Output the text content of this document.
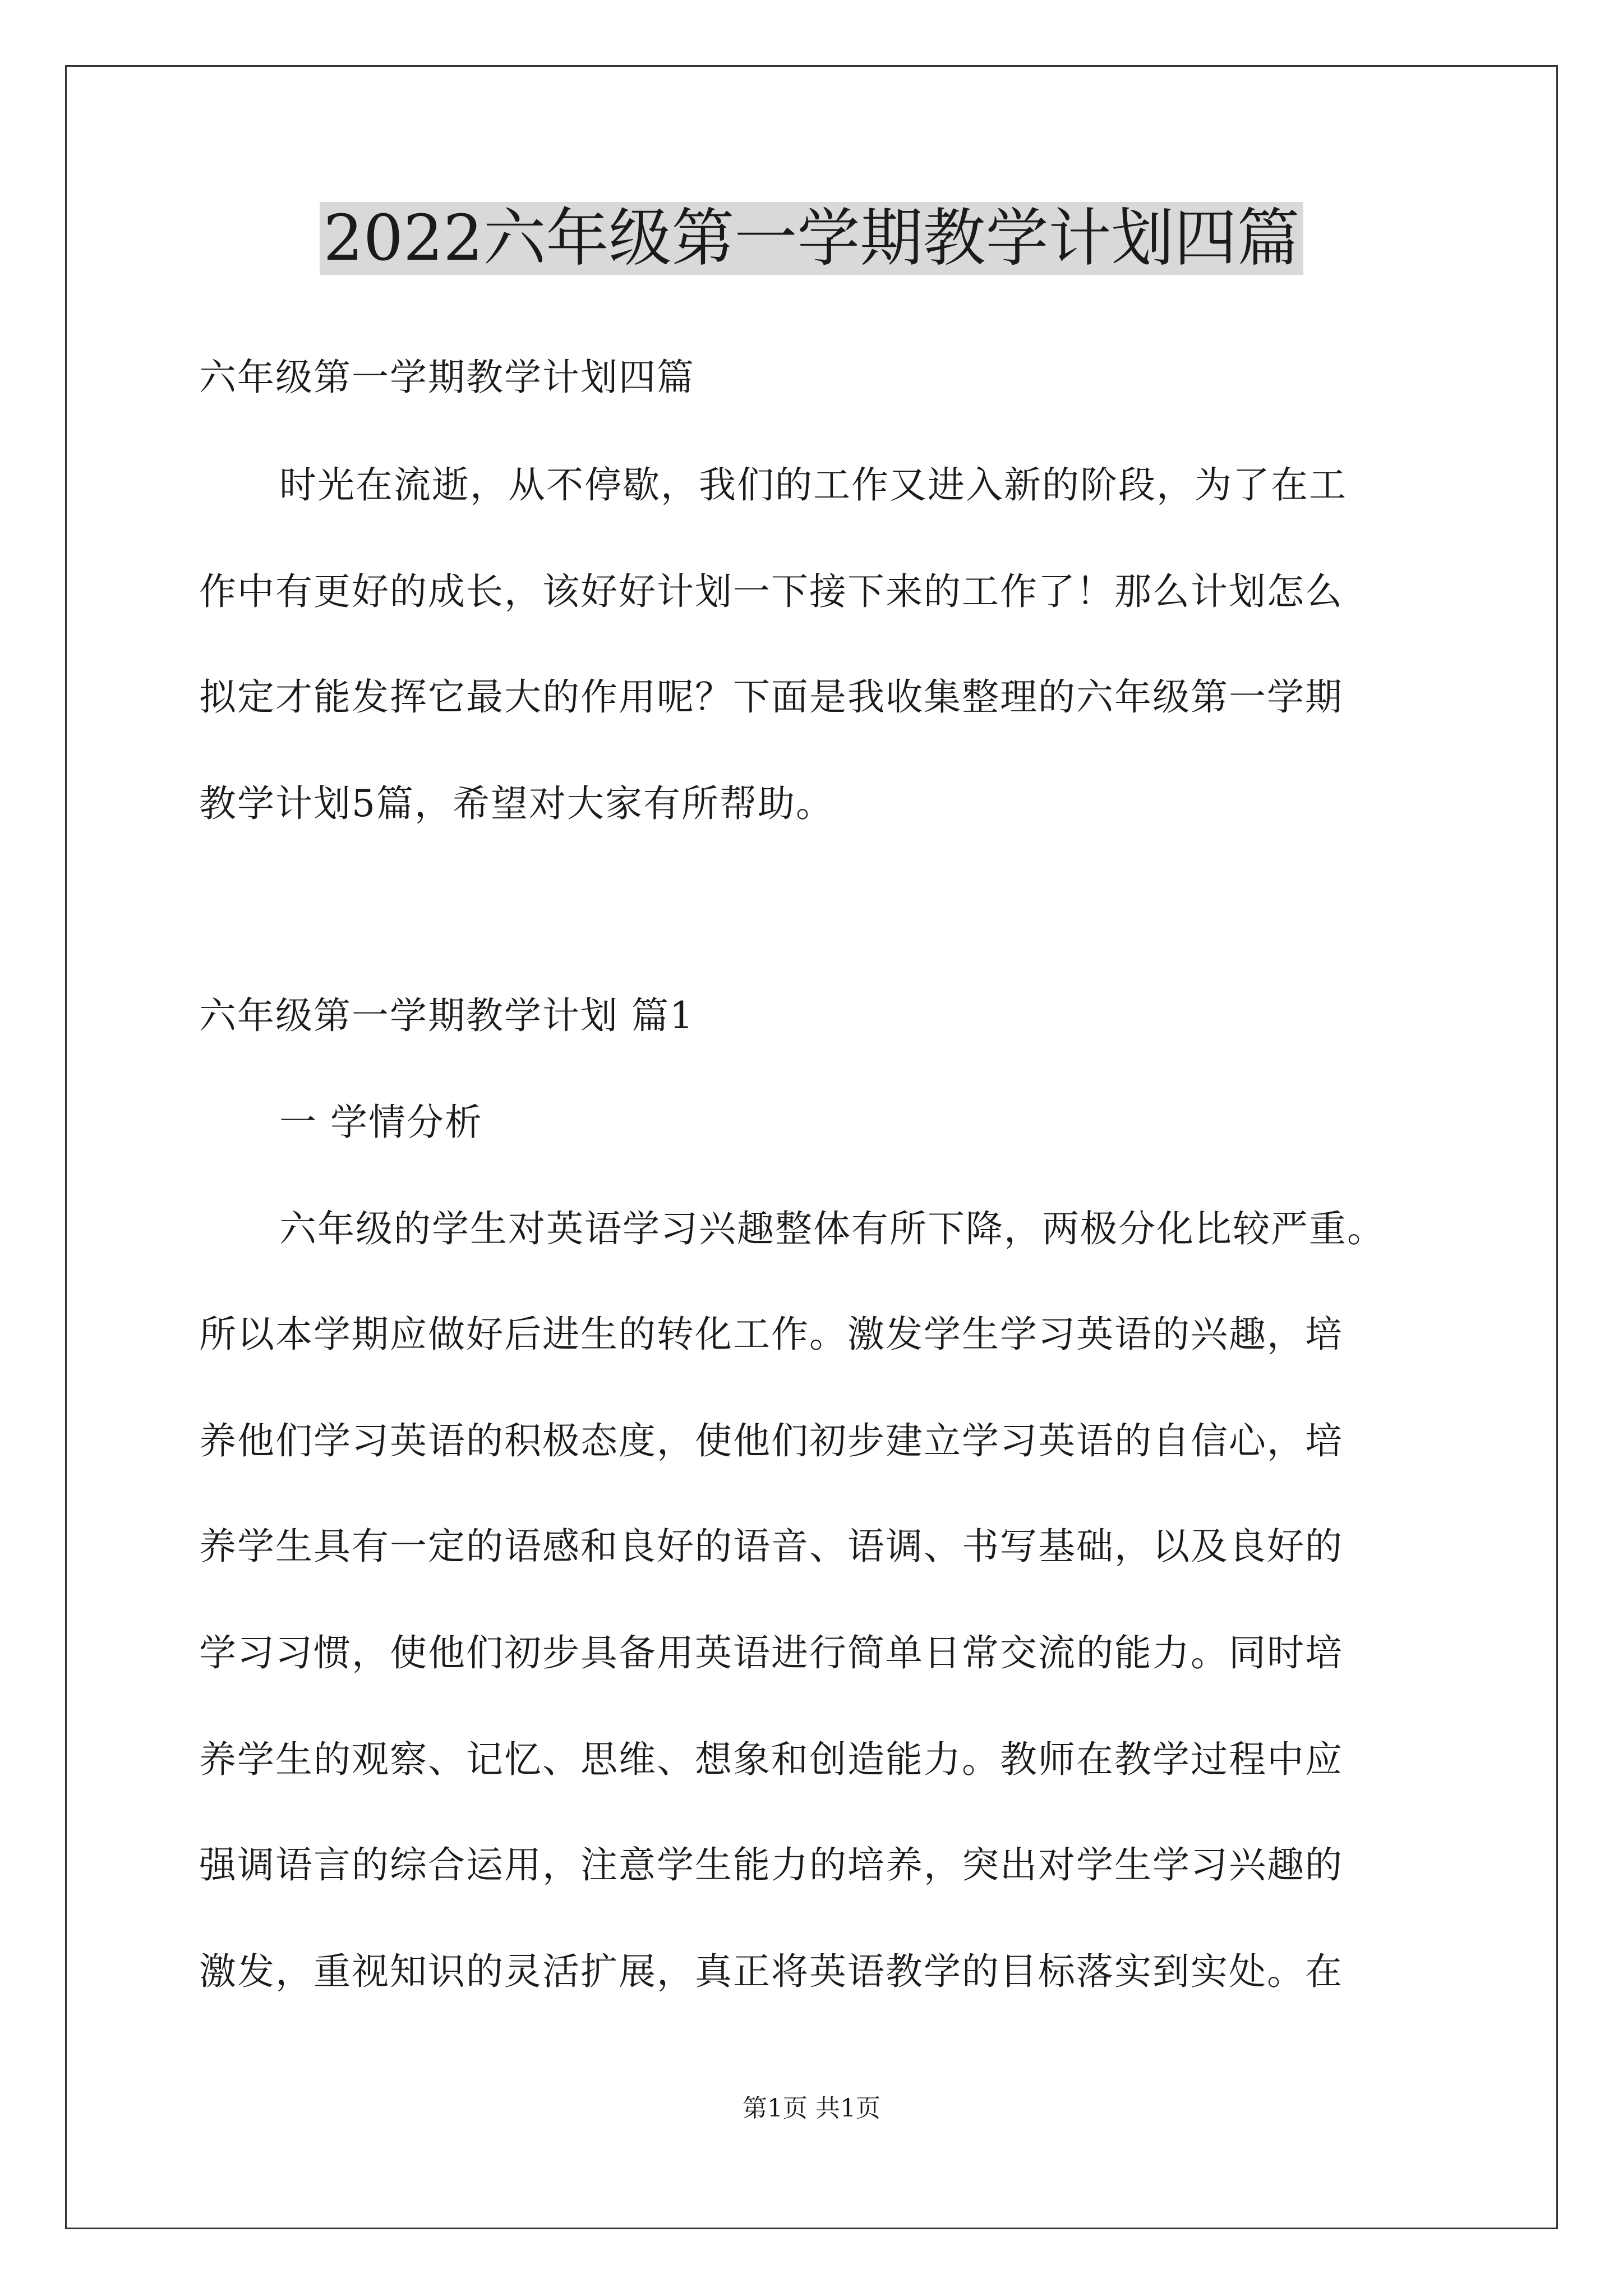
2022六年级第一学期教学计划四篇
六年级第一学期教学计划四篇
时光在流逝，从不停歇，我们的工作又进入新的阶段，为了在工
作中有更好的成长，该好好计划一下接下来的工作了！那么计划怎么
拟定才能发挥它最大的作用呢？下面是我收集整理的六年级第一学期
教学计划5篇，希望对大家有所帮助。
六年级第一学期教学计划 篇1
一 学情分析
六年级的学生对英语学习兴趣整体有所下降，两极分化比较严重。
所以本学期应做好后进生的转化工作。激发学生学习英语的兴趣，培
养他们学习英语的积极态度，使他们初步建立学习英语的自信心，培
养学生具有一定的语感和良好的语音、语调、书写基础，以及良好的
学习习惯，使他们初步具备用英语进行简单日常交流的能力。同时培
养学生的观察、记忆、思维、想象和创造能力。教师在教学过程中应
强调语言的综合运用，注意学生能力的培养，突出对学生学习兴趣的
激发，重视知识的灵活扩展，真正将英语教学的目标落实到实处。在
第1页 共1页
